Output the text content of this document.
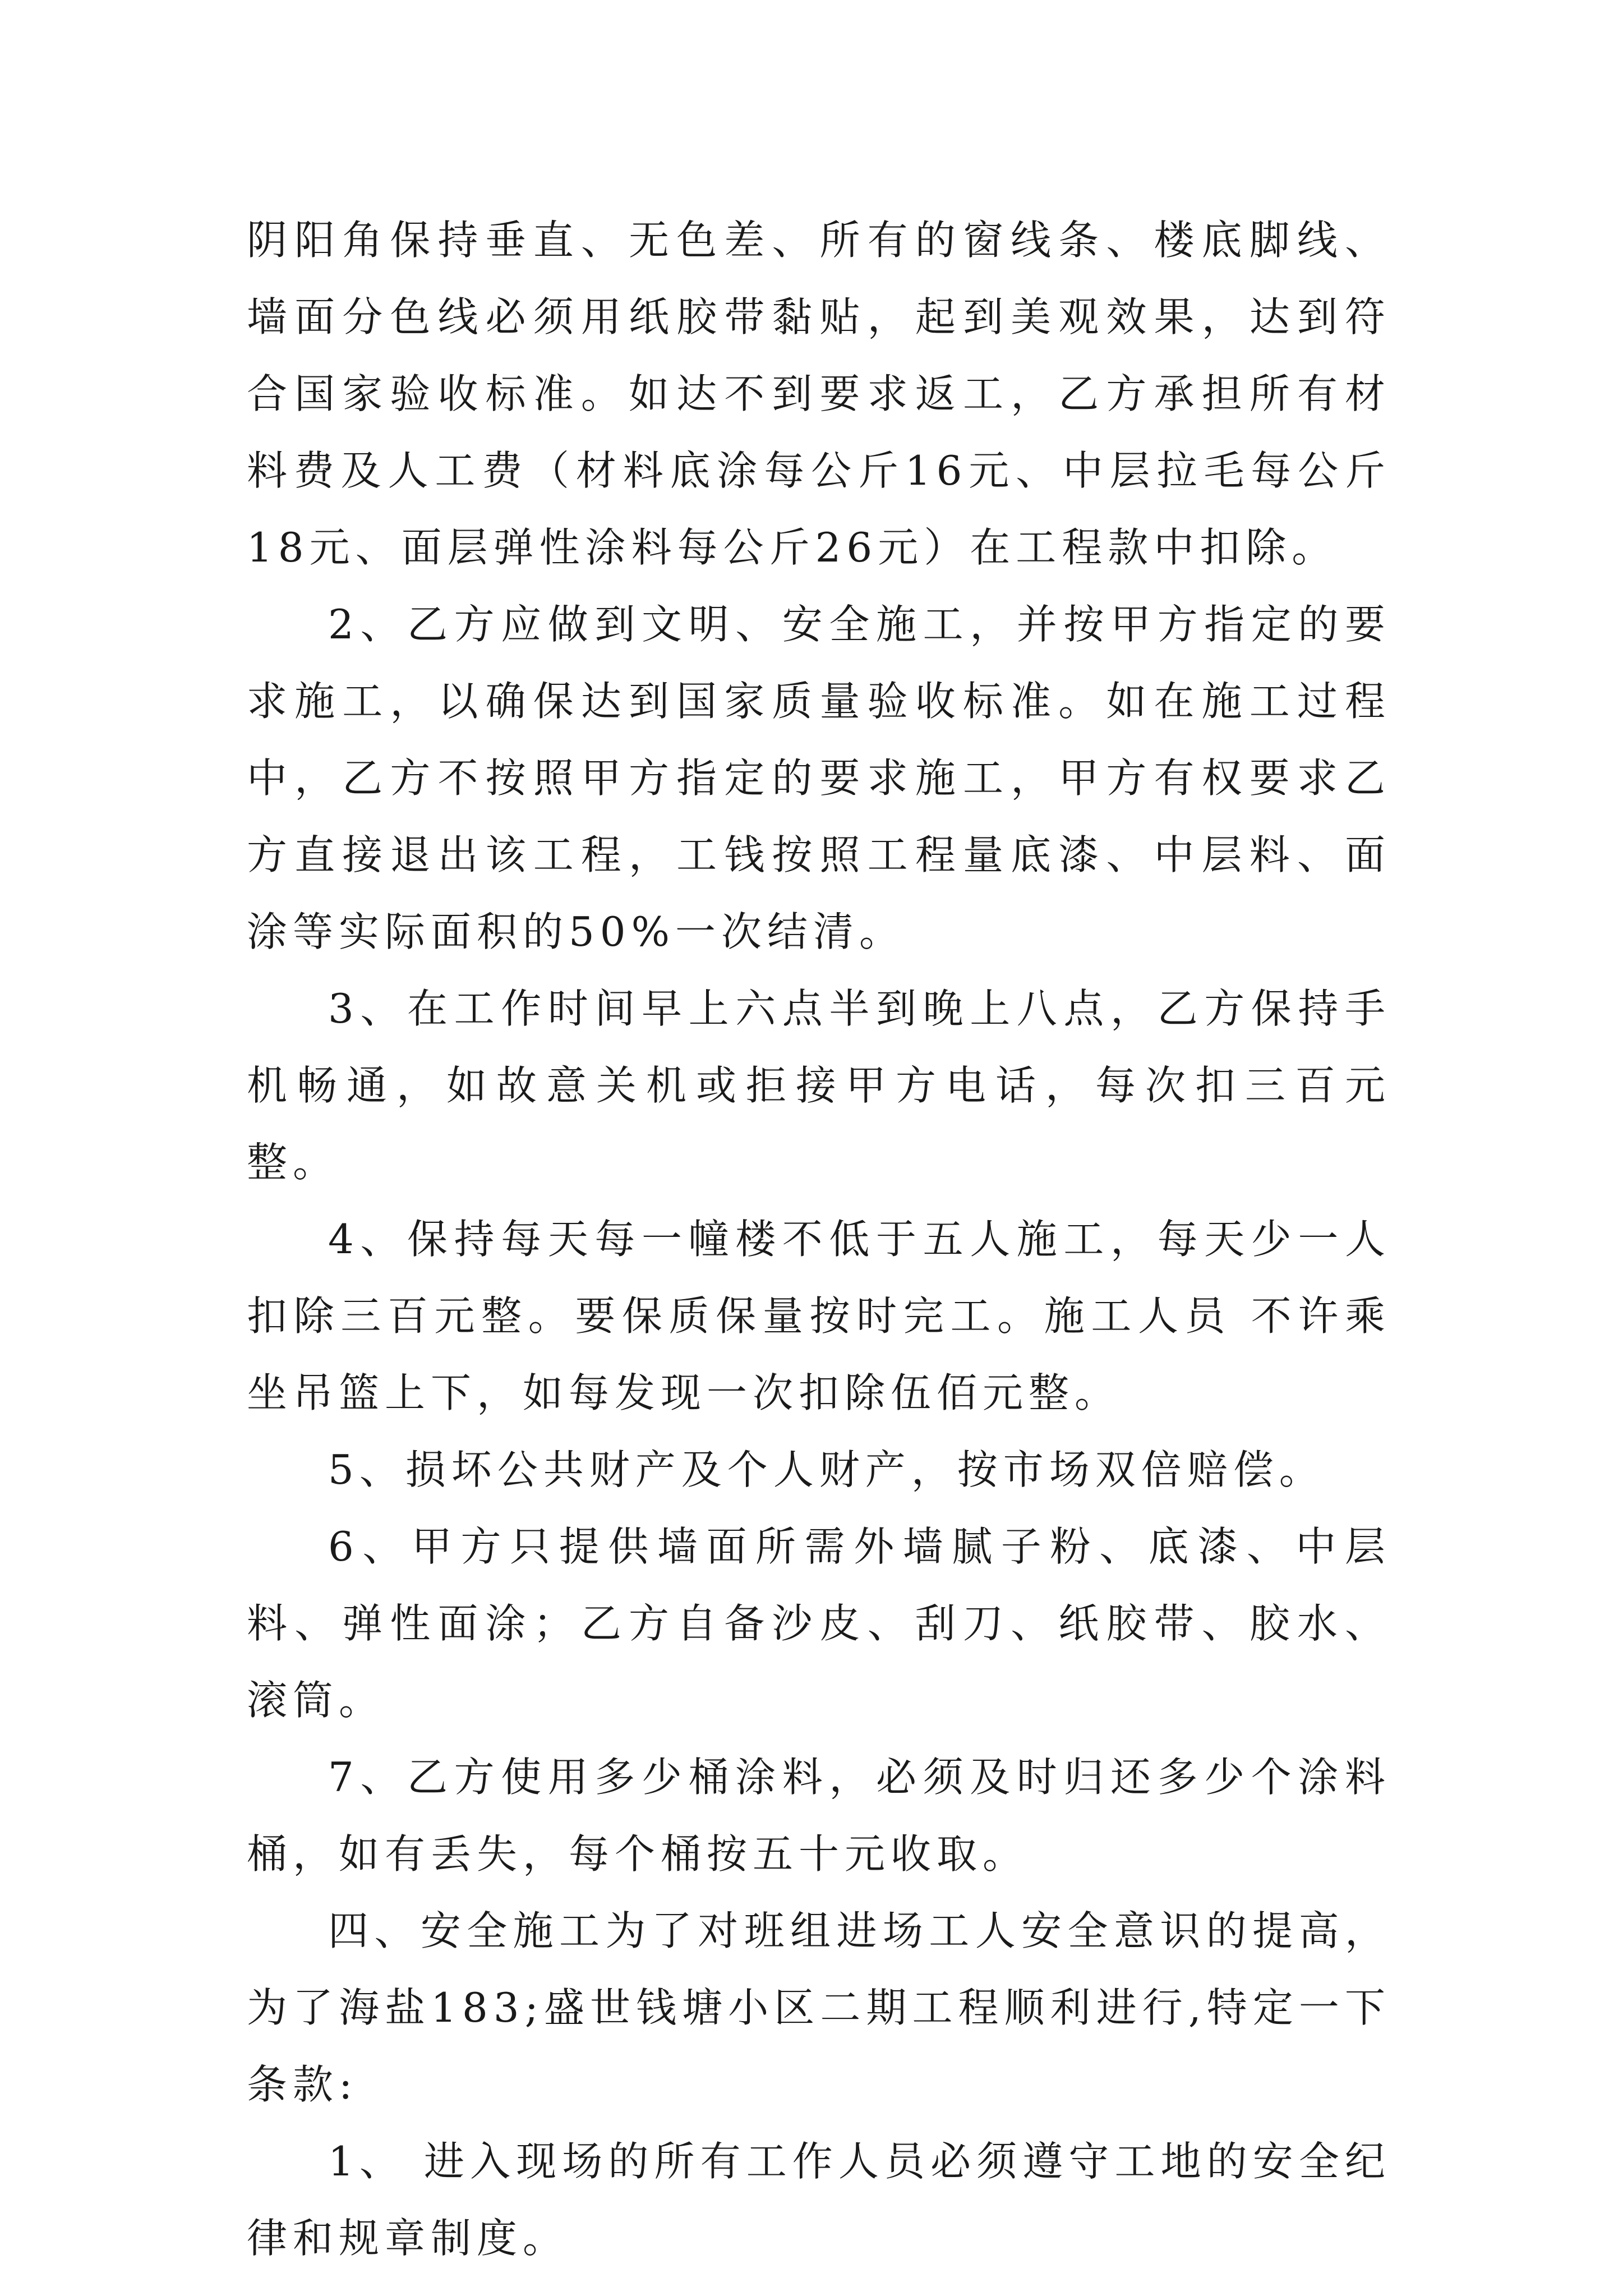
阴阳角保持垂直、无色差、所有的窗线条、楼底脚线、墙面分色线必须用纸胶带黏贴，起到美观效果，达到符合国家验收标准。如达不到要求返工，乙方承担所有材料费及人工费（材料底涂每公斤16元、中层拉毛每公斤18元、面层弹性涂料每公斤26元）在工程款中扣除。

2、乙方应做到文明、安全施工，并按甲方指定的要求施工，以确保达到国家质量验收标准。如在施工过程中，乙方不按照甲方指定的要求施工，甲方有权要求乙方直接退出该工程，工钱按照工程量底漆、中层料、面涂等实际面积的50%一次结清。

3、在工作时间早上六点半到晚上八点，乙方保持手机畅通，如故意关机或拒接甲方电话，每次扣三百元整。

4、保持每天每一幢楼不低于五人施工，每天少一人扣除三百元整。要保质保量按时完工。施工人员 不许乘坐吊篮上下，如每发现一次扣除伍佰元整。

5、损坏公共财产及个人财产，按市场双倍赔偿。

6、甲方只提供墙面所需外墙腻子粉、底漆、中层料、弹性面涂；乙方自备沙皮、刮刀、纸胶带、胶水、滚筒。

7、乙方使用多少桶涂料，必须及时归还多少个涂料桶，如有丢失，每个桶按五十元收取。

四、安全施工为了对班组进场工人安全意识的提高，为了海盐183;盛世钱塘小区二期工程顺利进行,特定一下条款:

1、 进入现场的所有工作人员必须遵守工地的安全纪律和规章制度。
